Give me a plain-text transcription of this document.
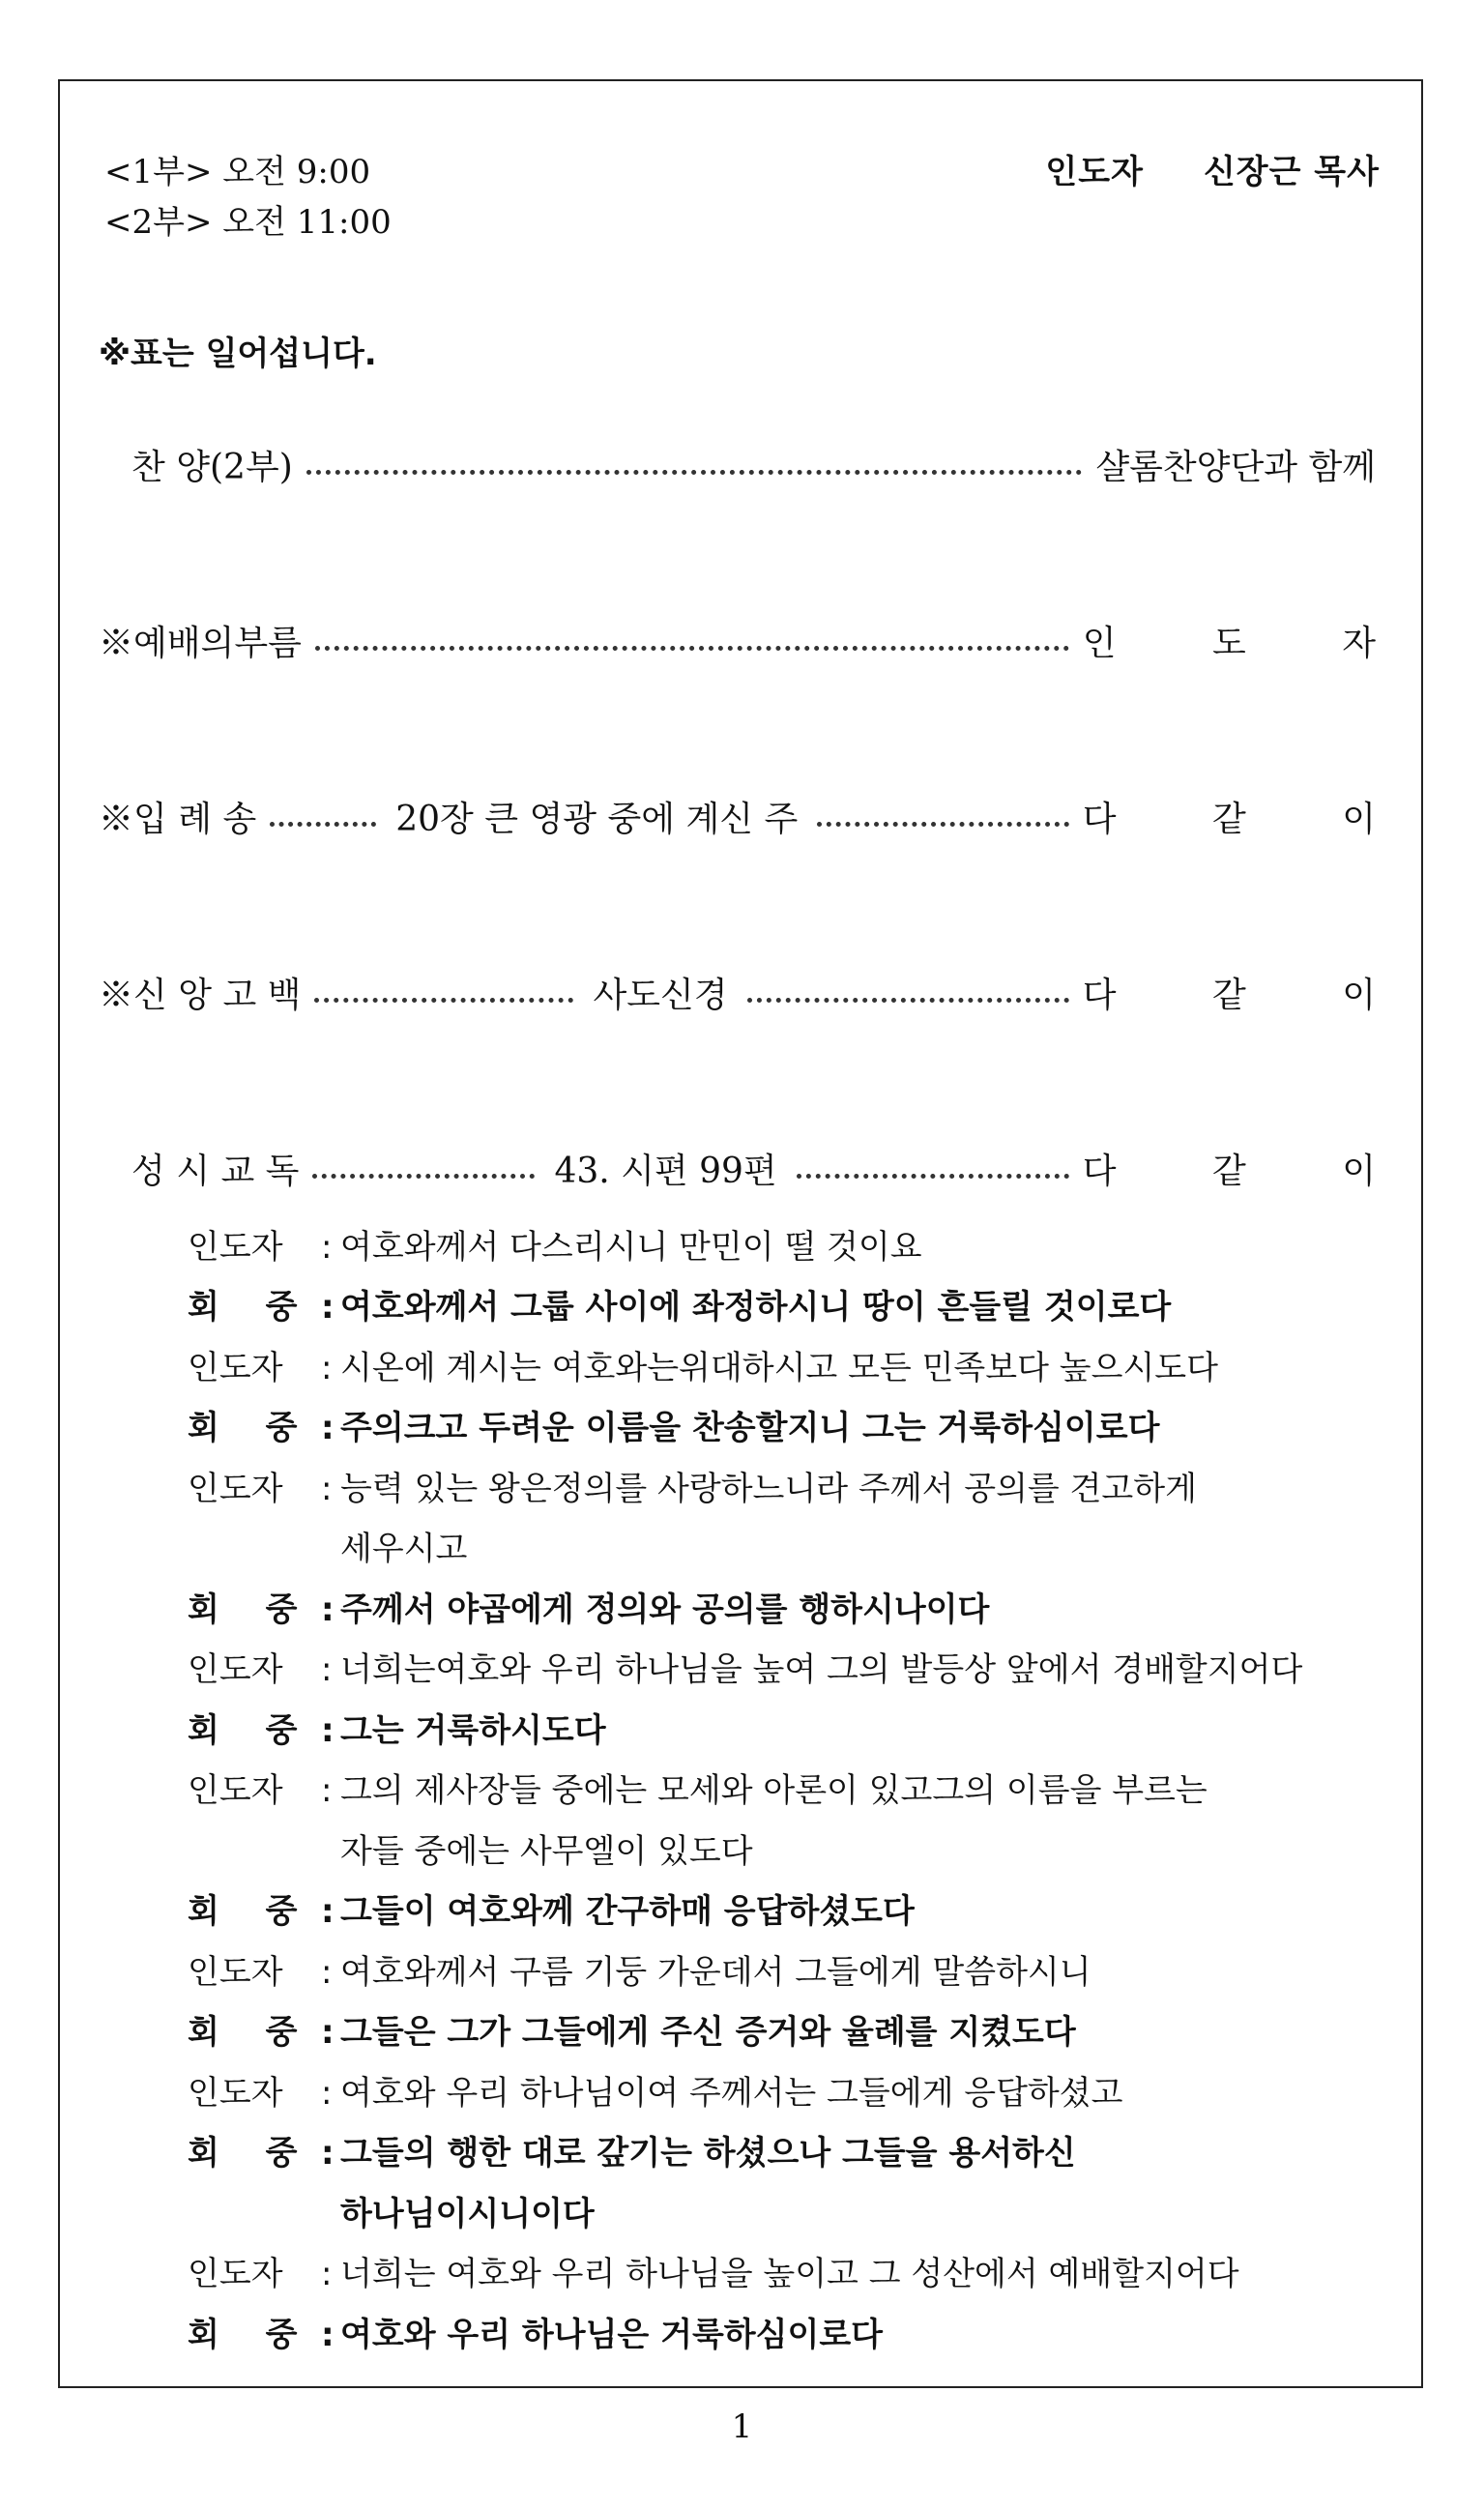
<1부> 오전 9:00
<2부> 오전 11:00
인도자 신장근 목사
※표는 일어섭니다.
찬 양(2부)	샬롬찬양단과 함께
※예배의부름	인 도 자
※입 례 송	20장 큰 영광 중에 계신 주	다 같 이
※신 앙 고 백	사도신경	다 같 이
성 시 교 독	43. 시편 99편	다 같 이
인도자 : 여호와께서 다스리시니 만민이 떨 것이요
회 중 : 여호와께서 그룹 사이에 좌정하시니 땅이 흔들릴 것이로다
인도자 : 시온에 계시는 여호와는위대하시고 모든 민족보다 높으시도다
회 중 : 주의크고 두려운 이름을 찬송할지니 그는 거룩하심이로다
인도자 : 능력 있는 왕은정의를 사랑하느니라 주께서 공의를 견고하게
세우시고
회 중 : 주께서 야곱에게 정의와 공의를 행하시나이다
인도자 : 너희는여호와 우리 하나님을 높여 그의 발등상 앞에서 경배할지어다
회 중 : 그는 거룩하시도다
인도자 : 그의 제사장들 중에는 모세와 아론이 있고그의 이름을 부르는
자들 중에는 사무엘이 있도다
회 중 : 그들이 여호와께 간구하매 응답하셨도다
인도자 : 여호와께서 구름 기둥 가운데서 그들에게 말씀하시니
회 중 : 그들은 그가 그들에게 주신 증거와 율례를 지켰도다
인도자 : 여호와 우리 하나님이여 주께서는 그들에게 응답하셨고
회 중 : 그들의 행한 대로 갚기는 하셨으나 그들을 용서하신
하나님이시니이다
인도자 : 너희는 여호와 우리 하나님을 높이고 그 성산에서 예배할지어다
회 중 : 여호와 우리 하나님은 거룩하심이로다
1
